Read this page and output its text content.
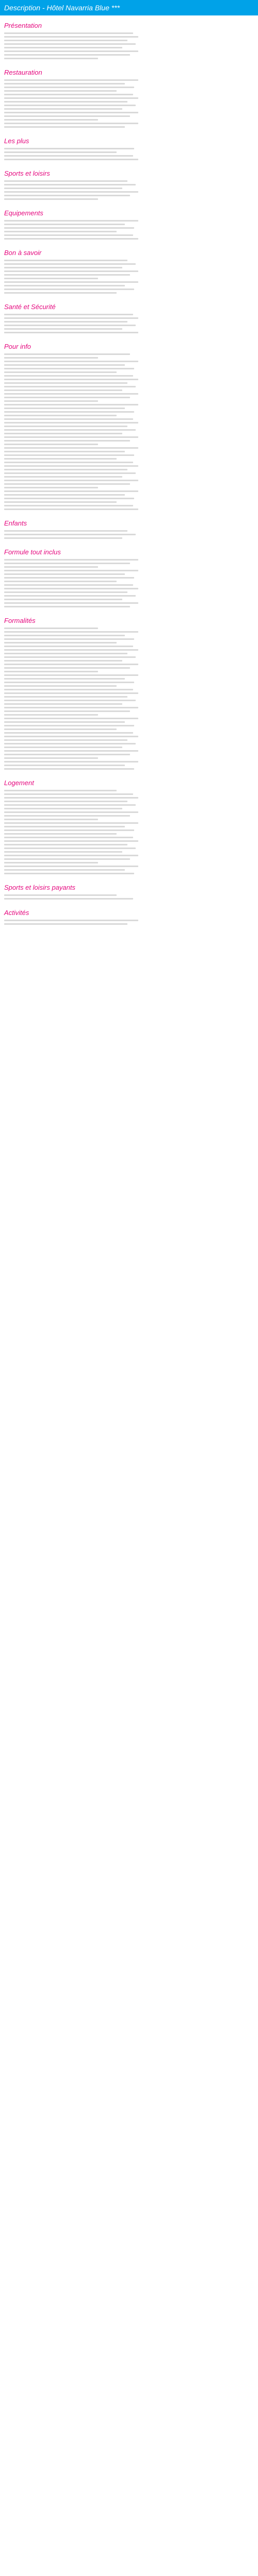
Description - Hôtel Navarria Blue ***
Présentation
Restauration
Les plus
Sports et loisirs
Equipements
Bon à savoir
Santé et Sécurité
Pour info
Enfants
Formule tout inclus
Formalités
Logement
Sports et loisirs payants
Activités
